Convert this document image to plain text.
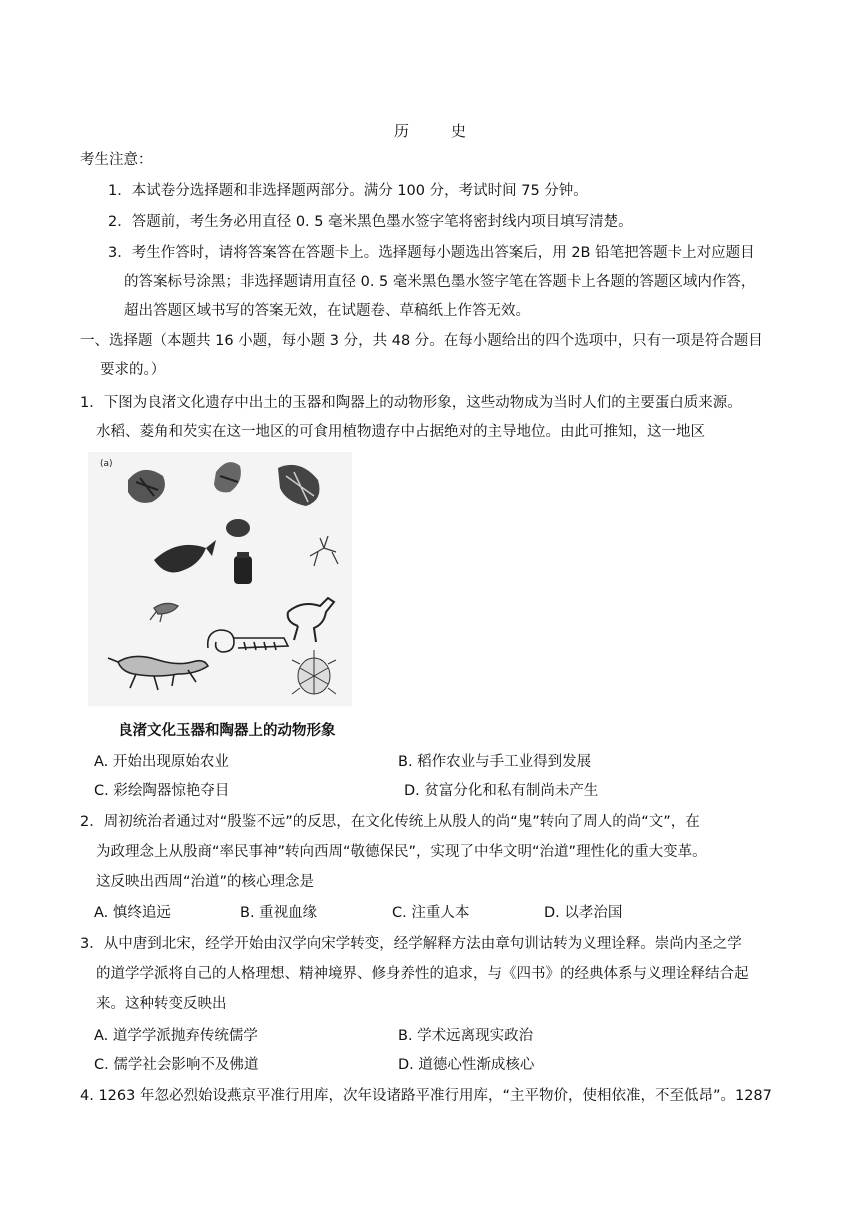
历	史
考生注意：
1．本试卷分选择题和非选择题两部分。满分 100 分，考试时间 75 分钟。
2．答题前，考生务必用直径 0. 5 毫米黑色墨水签字笔将密封线内项目填写清楚。
3．考生作答时，请将答案答在答题卡上。选择题每小题选出答案后，用 2B 铅笔把答题卡上对应题目
的答案标号涂黑；非选择题请用直径 0. 5 毫米黑色墨水签字笔在答题卡上各题的答题区域内作答，
超出答题区域书写的答案无效，在试题卷、草稿纸上作答无效。
一、选择题（本题共 16 小题，每小题 3 分，共 48 分。在每小题给出的四个选项中，只有一项是符合题目
要求的。）
1．下图为良渚文化遗存中出土的玉器和陶器上的动物形象，这些动物成为当时人们的主要蛋白质来源。
水稻、菱角和芡实在这一地区的可食用植物遗存中占据绝对的主导地位。由此可推知，这一地区
(a)
良渚文化玉器和陶器上的动物形象
A. 开始出现原始农业	B. 稻作农业与手工业得到发展
C. 彩绘陶器惊艳夺目	D. 贫富分化和私有制尚未产生
2．周初统治者通过对“殷鉴不远”的反思，在文化传统上从殷人的尚“鬼”转向了周人的尚“文”，在
为政理念上从殷商“率民事神”转向西周“敬德保民”，实现了中华文明“治道”理性化的重大变革。
这反映出西周“治道”的核心理念是
A. 慎终追远	B. 重视血缘	C. 注重人本	D. 以孝治国
3．从中唐到北宋，经学开始由汉学向宋学转变，经学解释方法由章句训诂转为义理诠释。崇尚内圣之学
的道学学派将自己的人格理想、精神境界、修身养性的追求，与《四书》的经典体系与义理诠释结合起
来。这种转变反映出
A. 道学学派抛弃传统儒学	B. 学术远离现实政治
C. 儒学社会影响不及佛道	D. 道德心性渐成核心
4. 1263 年忽必烈始设燕京平准行用库，次年设诸路平准行用库，“主平物价，使相依准，不至低昂”。1287
